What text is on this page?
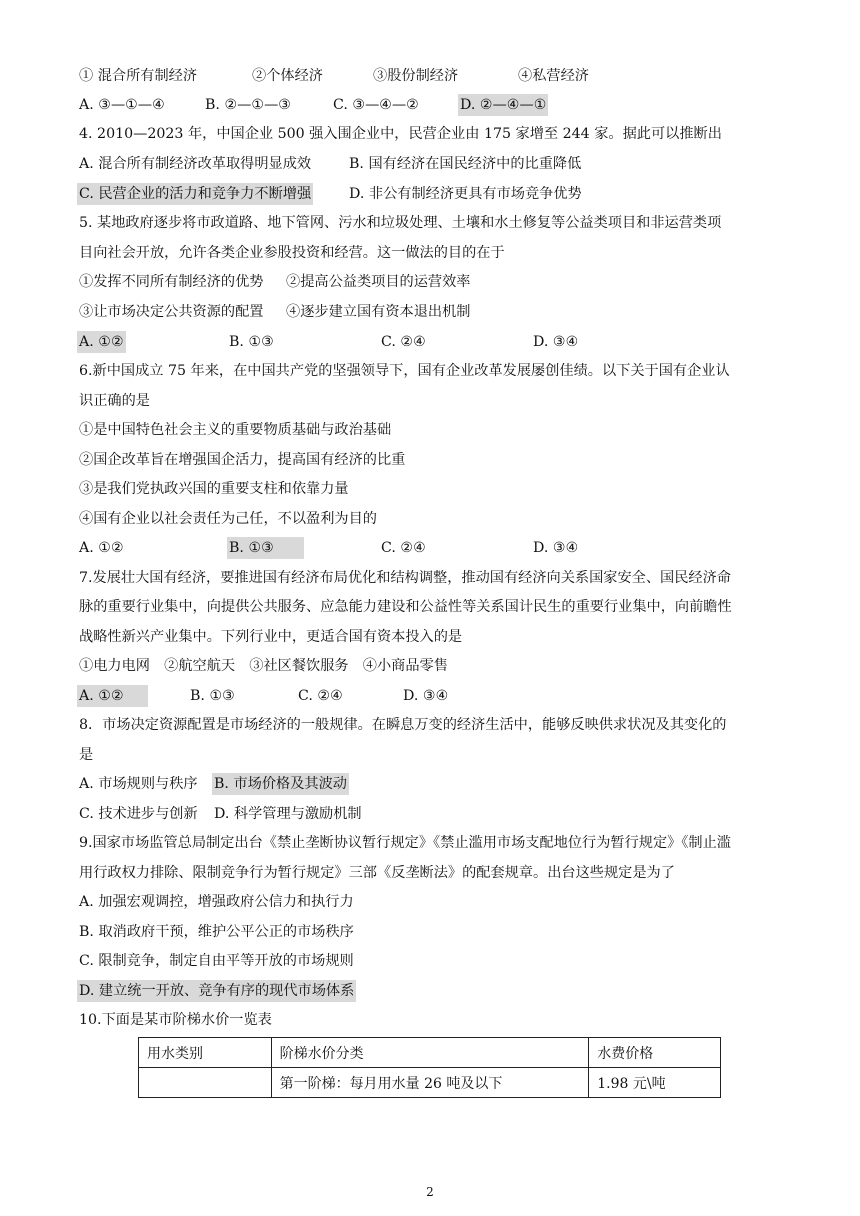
① 混合所有制经济	②个体经济	③股份制经济	④私营经济
A. ③—①—④	B. ②—①—③	C. ③—④—②	D. ②—④—①
4. 2010—2023 年，中国企业 500 强入围企业中，民营企业由 175 家增至 244 家。据此可以推断出
A. 混合所有制经济改革取得明显成效	B. 国有经济在国民经济中的比重降低
C. 民营企业的活力和竞争力不断增强	D. 非公有制经济更具有市场竞争优势
5. 某地政府逐步将市政道路、地下管网、污水和垃圾处理、土壤和水土修复等公益类项目和非运营类项
目向社会开放，允许各类企业参股投资和经营。这一做法的目的在于
①发挥不同所有制经济的优势 ②提高公益类项目的运营效率
③让市场决定公共资源的配置 ④逐步建立国有资本退出机制
A. ①②	B. ①③	C. ②④	D. ③④
6.新中国成立 75 年来，在中国共产党的坚强领导下，国有企业改革发展屡创佳绩。以下关于国有企业认
识正确的是
①是中国特色社会主义的重要物质基础与政治基础
②国企改革旨在增强国企活力，提高国有经济的比重
③是我们党执政兴国的重要支柱和依靠力量
④国有企业以社会责任为己任，不以盈利为目的
A. ①②	B. ①③	C. ②④	D. ③④
7.发展壮大国有经济，要推进国有经济布局优化和结构调整，推动国有经济向关系国家安全、国民经济命
脉的重要行业集中，向提供公共服务、应急能力建设和公益性等关系国计民生的重要行业集中，向前瞻性
战略性新兴产业集中。下列行业中，更适合国有资本投入的是
①电力电网　②航空航天　③社区餐饮服务　④小商品零售
A. ①②	B. ①③	C. ②④	D. ③④
8．市场决定资源配置是市场经济的一般规律。在瞬息万变的经济生活中，能够反映供求状况及其变化的
是
A. 市场规则与秩序 B. 市场价格及其波动
C. 技术进步与创新 D. 科学管理与激励机制
9.国家市场监管总局制定出台《禁止垄断协议暂行规定》《禁止滥用市场支配地位行为暂行规定》《制止滥
用行政权力排除、限制竞争行为暂行规定》三部《反垄断法》的配套规章。出台这些规定是为了
A. 加强宏观调控，增强政府公信力和执行力
B. 取消政府干预，维护公平公正的市场秩序
C. 限制竞争，制定自由平等开放的市场规则
D. 建立统一开放、竞争有序的现代市场体系
10.下面是某市阶梯水价一览表
用水类别	阶梯水价分类	水费价格
	第一阶梯：每月用水量 26 吨及以下	1.98 元\吨
2
